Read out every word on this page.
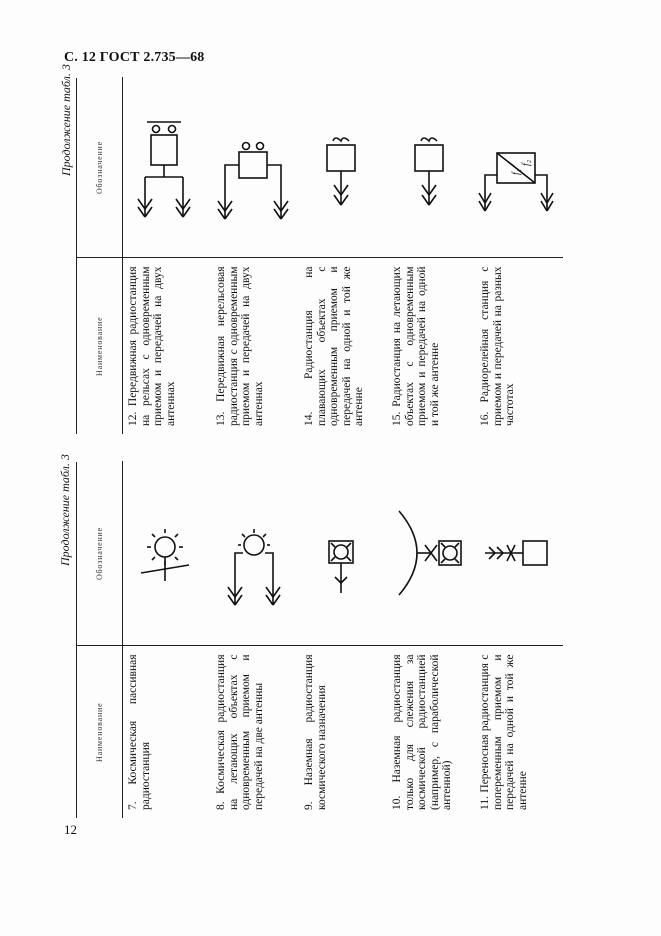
С. 12 ГОСТ 2.735—68
12
Продолжение табл. 3
Наименование	Обозначение
7. Космическая пассивная радиостанция	

8. Космическая радиостанция на летающих объектах с одновременным приемом и передачей на две антенны	

9. Наземная радиостанция космического назначения	

10. Наземная радиостанция только для слежения за космической радиостанцией (например, с параболической антенной)	

11. Переносная радиостанция с попеременным приемом и передачей на одной и той же антенне	
Продолжение табл. 3
Наименование	Обозначение
12. Передвижная радиостанция на рельсах с одновременным приемом и передачей на двух антеннах	

13. Передвижная нерельсовая радиостанция с одновременным приемом и передачей на двух антеннах	

14. Радиостанция на плавающих объектах с одновременным приемом и передачей на одной и той же антенне	

15. Радиостанция на летающих объектах с одновременным приемом и передачей на одной и той же антенне	

16. Радиорелейная станция с приемом и передачей на разных частотах	f₁
f₂
